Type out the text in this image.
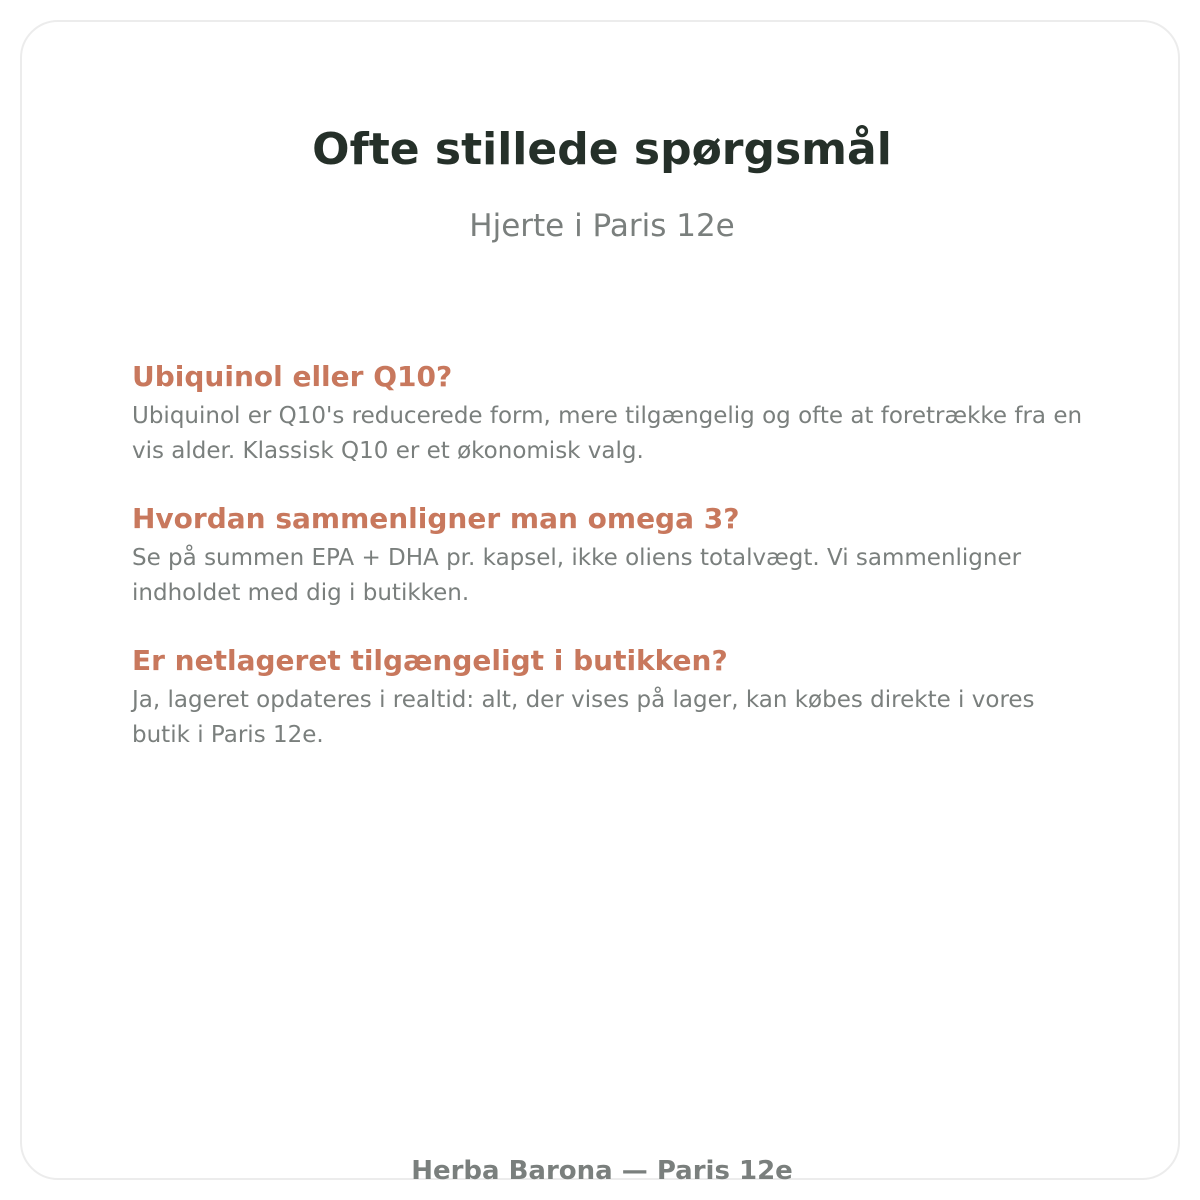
Ofte stillede spørgsmål
Hjerte i Paris 12e
Ubiquinol eller Q10?

Ubiquinol er Q10's reducerede form, mere tilgængelig og ofte at foretrække fra en vis alder. Klassisk Q10 er et økonomisk valg.

Hvordan sammenligner man omega 3?

Se på summen EPA + DHA pr. kapsel, ikke oliens totalvægt. Vi sammenligner indholdet med dig i butikken.

Er netlageret tilgængeligt i butikken?

Ja, lageret opdateres i realtid: alt, der vises på lager, kan købes direkte i vores butik i Paris 12e.

Herba Barona — Paris 12e
